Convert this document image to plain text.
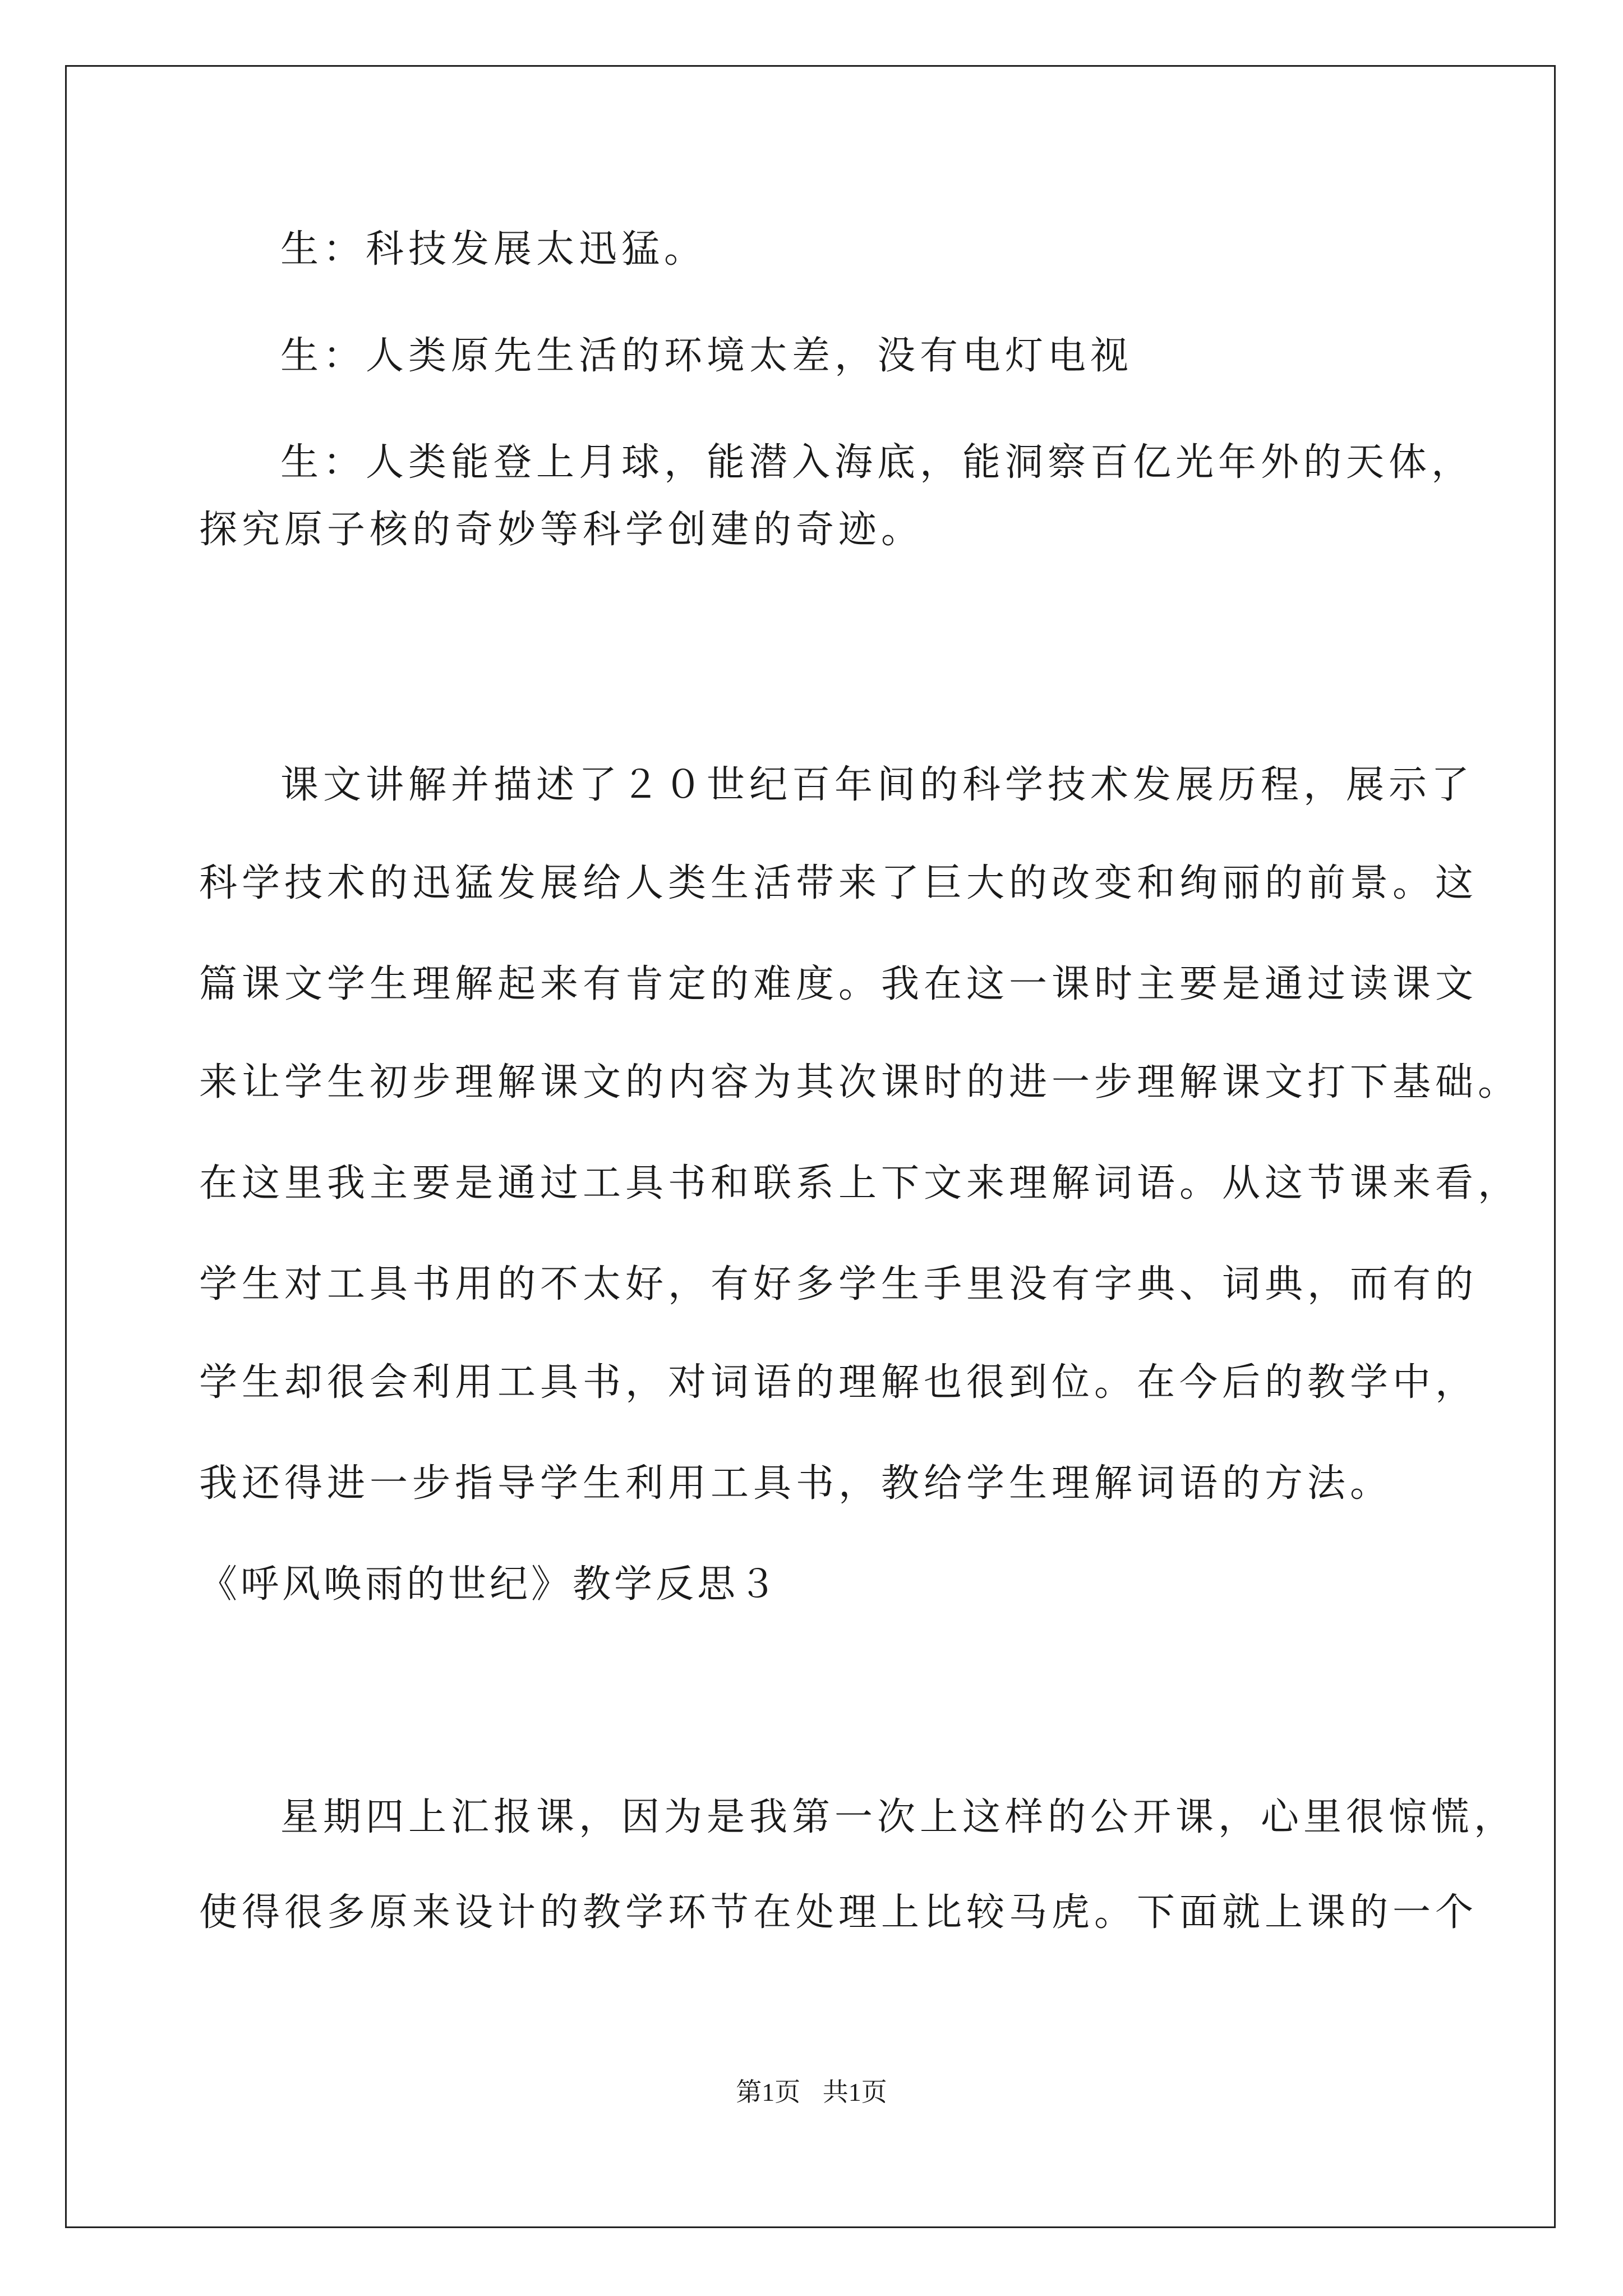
生：科技发展太迅猛。
生：人类原先生活的环境太差，没有电灯电视
生：人类能登上月球，能潜入海底，能洞察百亿光年外的天体，
探究原子核的奇妙等科学创建的奇迹。
课文讲解并描述了２０世纪百年间的科学技术发展历程，展示了
科学技术的迅猛发展给人类生活带来了巨大的改变和绚丽的前景。这
篇课文学生理解起来有肯定的难度。我在这一课时主要是通过读课文
来让学生初步理解课文的内容为其次课时的进一步理解课文打下基础。
在这里我主要是通过工具书和联系上下文来理解词语。从这节课来看，
学生对工具书用的不太好，有好多学生手里没有字典、词典，而有的
学生却很会利用工具书，对词语的理解也很到位。在今后的教学中，
我还得进一步指导学生利用工具书，教给学生理解词语的方法。
《呼风唤雨的世纪》教学反思３
星期四上汇报课，因为是我第一次上这样的公开课，心里很惊慌，
使得很多原来设计的教学环节在处理上比较马虎。下面就上课的一个
第1页 共1页
